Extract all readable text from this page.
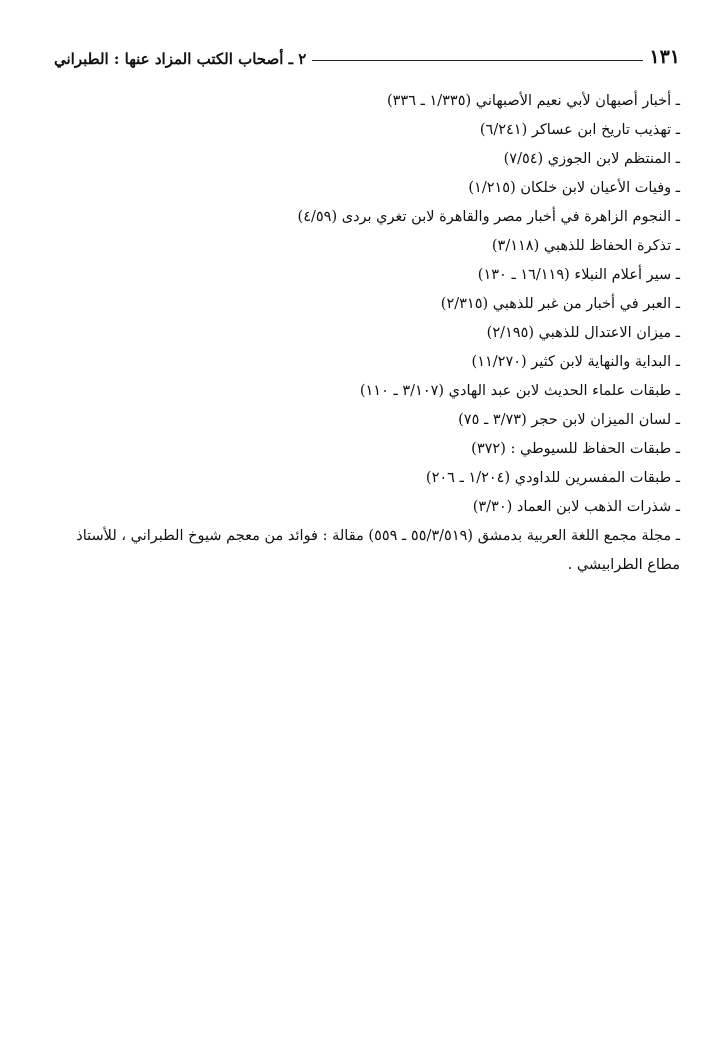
١٣١
٢ ـ أصحاب الكتب المزاد عنها : الطبراني
ـ أخبار أصبهان لأبي نعيم الأصبهاني (١/٣٣٥ ـ ٣٣٦)
ـ تهذيب تاريخ ابن عساكر (٦/٢٤١)
ـ المنتظم لابن الجوزي (٧/٥٤)
ـ وفيات الأعيان لابن خلكان (١/٢١٥)
ـ النجوم الزاهرة في أخبار مصر والقاهرة لابن تغري بردى (٤/٥٩)
ـ تذكرة الحفاظ للذهبي (٣/١١٨)
ـ سير أعلام النبلاء (١٦/١١٩ ـ ١٣٠)
ـ العبر في أخبار من غبر للذهبي (٢/٣١٥)
ـ ميزان الاعتدال للذهبي (٢/١٩٥)
ـ البداية والنهاية لابن كثير (١١/٢٧٠)
ـ طبقات علماء الحديث لابن عبد الهادي (٣/١٠٧ ـ ١١٠)
ـ لسان الميزان لابن حجر (٣/٧٣ ـ ٧٥)
ـ طبقات الحفاظ للسيوطي : (٣٧٢)
ـ طبقات المفسرين للداودي (١/٢٠٤ ـ ٢٠٦)
ـ شذرات الذهب لابن العماد (٣/٣٠)
ـ مجلة مجمع اللغة العربية بدمشق (٥٥/٣/٥١٩ ـ ٥٥٩) مقالة : فوائد من معجم شيوخ الطبراني ، للأستاذ مطاع الطرابيشي .
